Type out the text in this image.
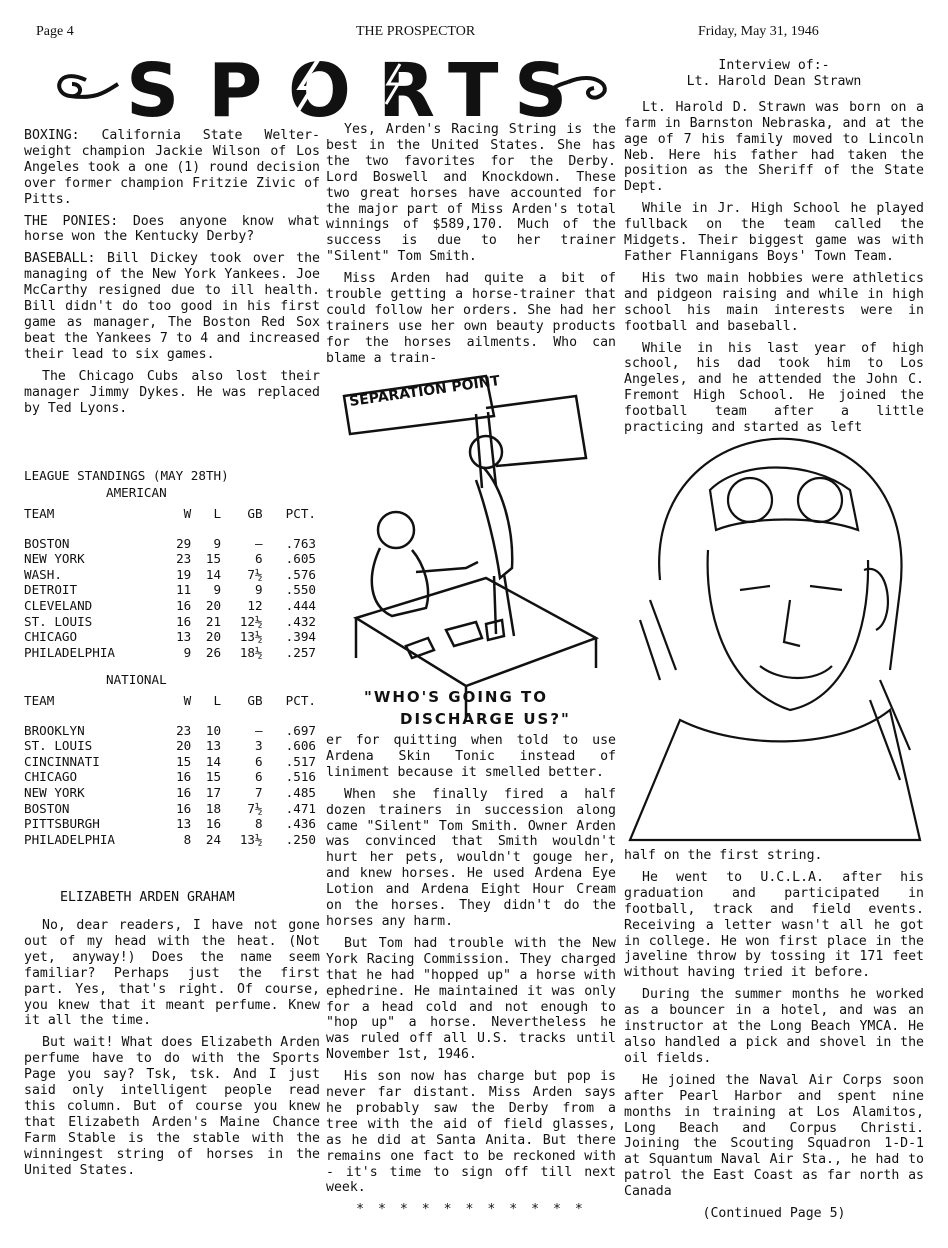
Page 4	THE PROSPECTOR	Friday, May 31, 1946
S P O R T S

BOXING: California State Welter-weight champion Jackie Wilson of Los Angeles took a one (1) round decision over former champion Fritzie Zivic of Pitts.

THE PONIES: Does anyone know what horse won the Kentucky Derby?

BASEBALL: Bill Dickey took over the managing of the New York Yankees. Joe McCarthy resigned due to ill health. Bill didn't do too good in his first game as manager, The Boston Red Sox beat the Yankees 7 to 4 and increased their lead to six games.

The Chicago Cubs also lost their manager Jimmy Dykes. He was replaced by Ted Lyons.

LEAGUE STANDINGS (MAY 28TH)
AMERICAN
TEAM	W	L	GB	PCT.
BOSTON	29	9	—	.763
NEW YORK	23	15	6	.605
WASH.	19	14	7½	.576
DETROIT	11	9	9	.550
CLEVELAND	16	20	12	.444
ST. LOUIS	16	21	12½	.432
CHICAGO	13	20	13½	.394
PHILADELPHIA	9	26	18½	.257
NATIONAL
TEAM	W	L	GB	PCT.
BROOKLYN	23	10	—	.697
ST. LOUIS	20	13	3	.606
CINCINNATI	15	14	6	.517
CHICAGO	16	15	6	.516
NEW YORK	16	17	7	.485
BOSTON	16	18	7½	.471
PITTSBURGH	13	16	8	.436
PHILADELPHIA	8	24	13½	.250
ELIZABETH ARDEN GRAHAM

No, dear readers, I have not gone out of my head with the heat. (Not yet, anyway!) Does the name seem familiar? Perhaps just the first part. Yes, that's right. Of course, you knew that it meant perfume. Knew it all the time.

But wait! What does Elizabeth Arden perfume have to do with the Sports Page you say? Tsk, tsk. And I just said only intelligent people read this column. But of course you knew that Elizabeth Arden's Maine Chance Farm Stable is the stable with the winningest string of horses in the United States.

Yes, Arden's Racing String is the best in the United States. She has the two favorites for the Derby. Lord Boswell and Knockdown. These two great horses have accounted for the major part of Miss Arden's total winnings of $589,170. Much of the success is due to her trainer "Silent" Tom Smith.

Miss Arden had quite a bit of trouble getting a horse-trainer that could follow her orders. She had her trainers use her own beauty products for the horses ailments. Who can blame a train-

SEPARATION POINT
"WHO'S GOING TO
DISCHARGE US?"

er for quitting when told to use Ardena Skin Tonic instead of liniment because it smelled better.

When she finally fired a half dozen trainers in succession along came "Silent" Tom Smith. Owner Arden was convinced that Smith wouldn't hurt her pets, wouldn't gouge her, and knew horses. He used Ardena Eye Lotion and Ardena Eight Hour Cream on the horses. They didn't do the horses any harm.

But Tom had trouble with the New York Racing Commission. They charged that he had "hopped up" a horse with ephedrine. He maintained it was only for a head cold and not enough to "hop up" a horse. Nevertheless he was ruled off all U.S. tracks until November 1st, 1946.

His son now has charge but pop is never far distant. Miss Arden says he probably saw the Derby from a tree with the aid of field glasses, as he did at Santa Anita. But there remains one fact to be reckoned with - it's time to sign off till next week.

* * * * * * * * * * *
Interview of:-
Lt. Harold Dean Strawn

Lt. Harold D. Strawn was born on a farm in Barnston Nebraska, and at the age of 7 his family moved to Lincoln Neb. Here his father had taken the position as the Sheriff of the State Dept.

While in Jr. High School he played fullback on the team called the Midgets. Their biggest game was with Father Flannigans Boys' Town Team.

His two main hobbies were athletics and pidgeon raising and while in high school his main interests were in football and baseball.

While in his last year of high school, his dad took him to Los Angeles, and he attended the John C. Fremont High School. He joined the football team after a little practicing and started as left

half on the first string.

He went to U.C.L.A. after his graduation and participated in football, track and field events. Receiving a letter wasn't all he got in college. He won first place in the javeline throw by tossing it 171 feet without having tried it before.

During the summer months he worked as a bouncer in a hotel, and was an instructor at the Long Beach YMCA. He also handled a pick and shovel in the oil fields.

He joined the Naval Air Corps soon after Pearl Harbor and spent nine months in training at Los Alamitos, Long Beach and Corpus Christi. Joining the Scouting Squadron 1-D-1 at Squantum Naval Air Sta., he had to patrol the East Coast as far north as Canada

(Continued Page 5)
